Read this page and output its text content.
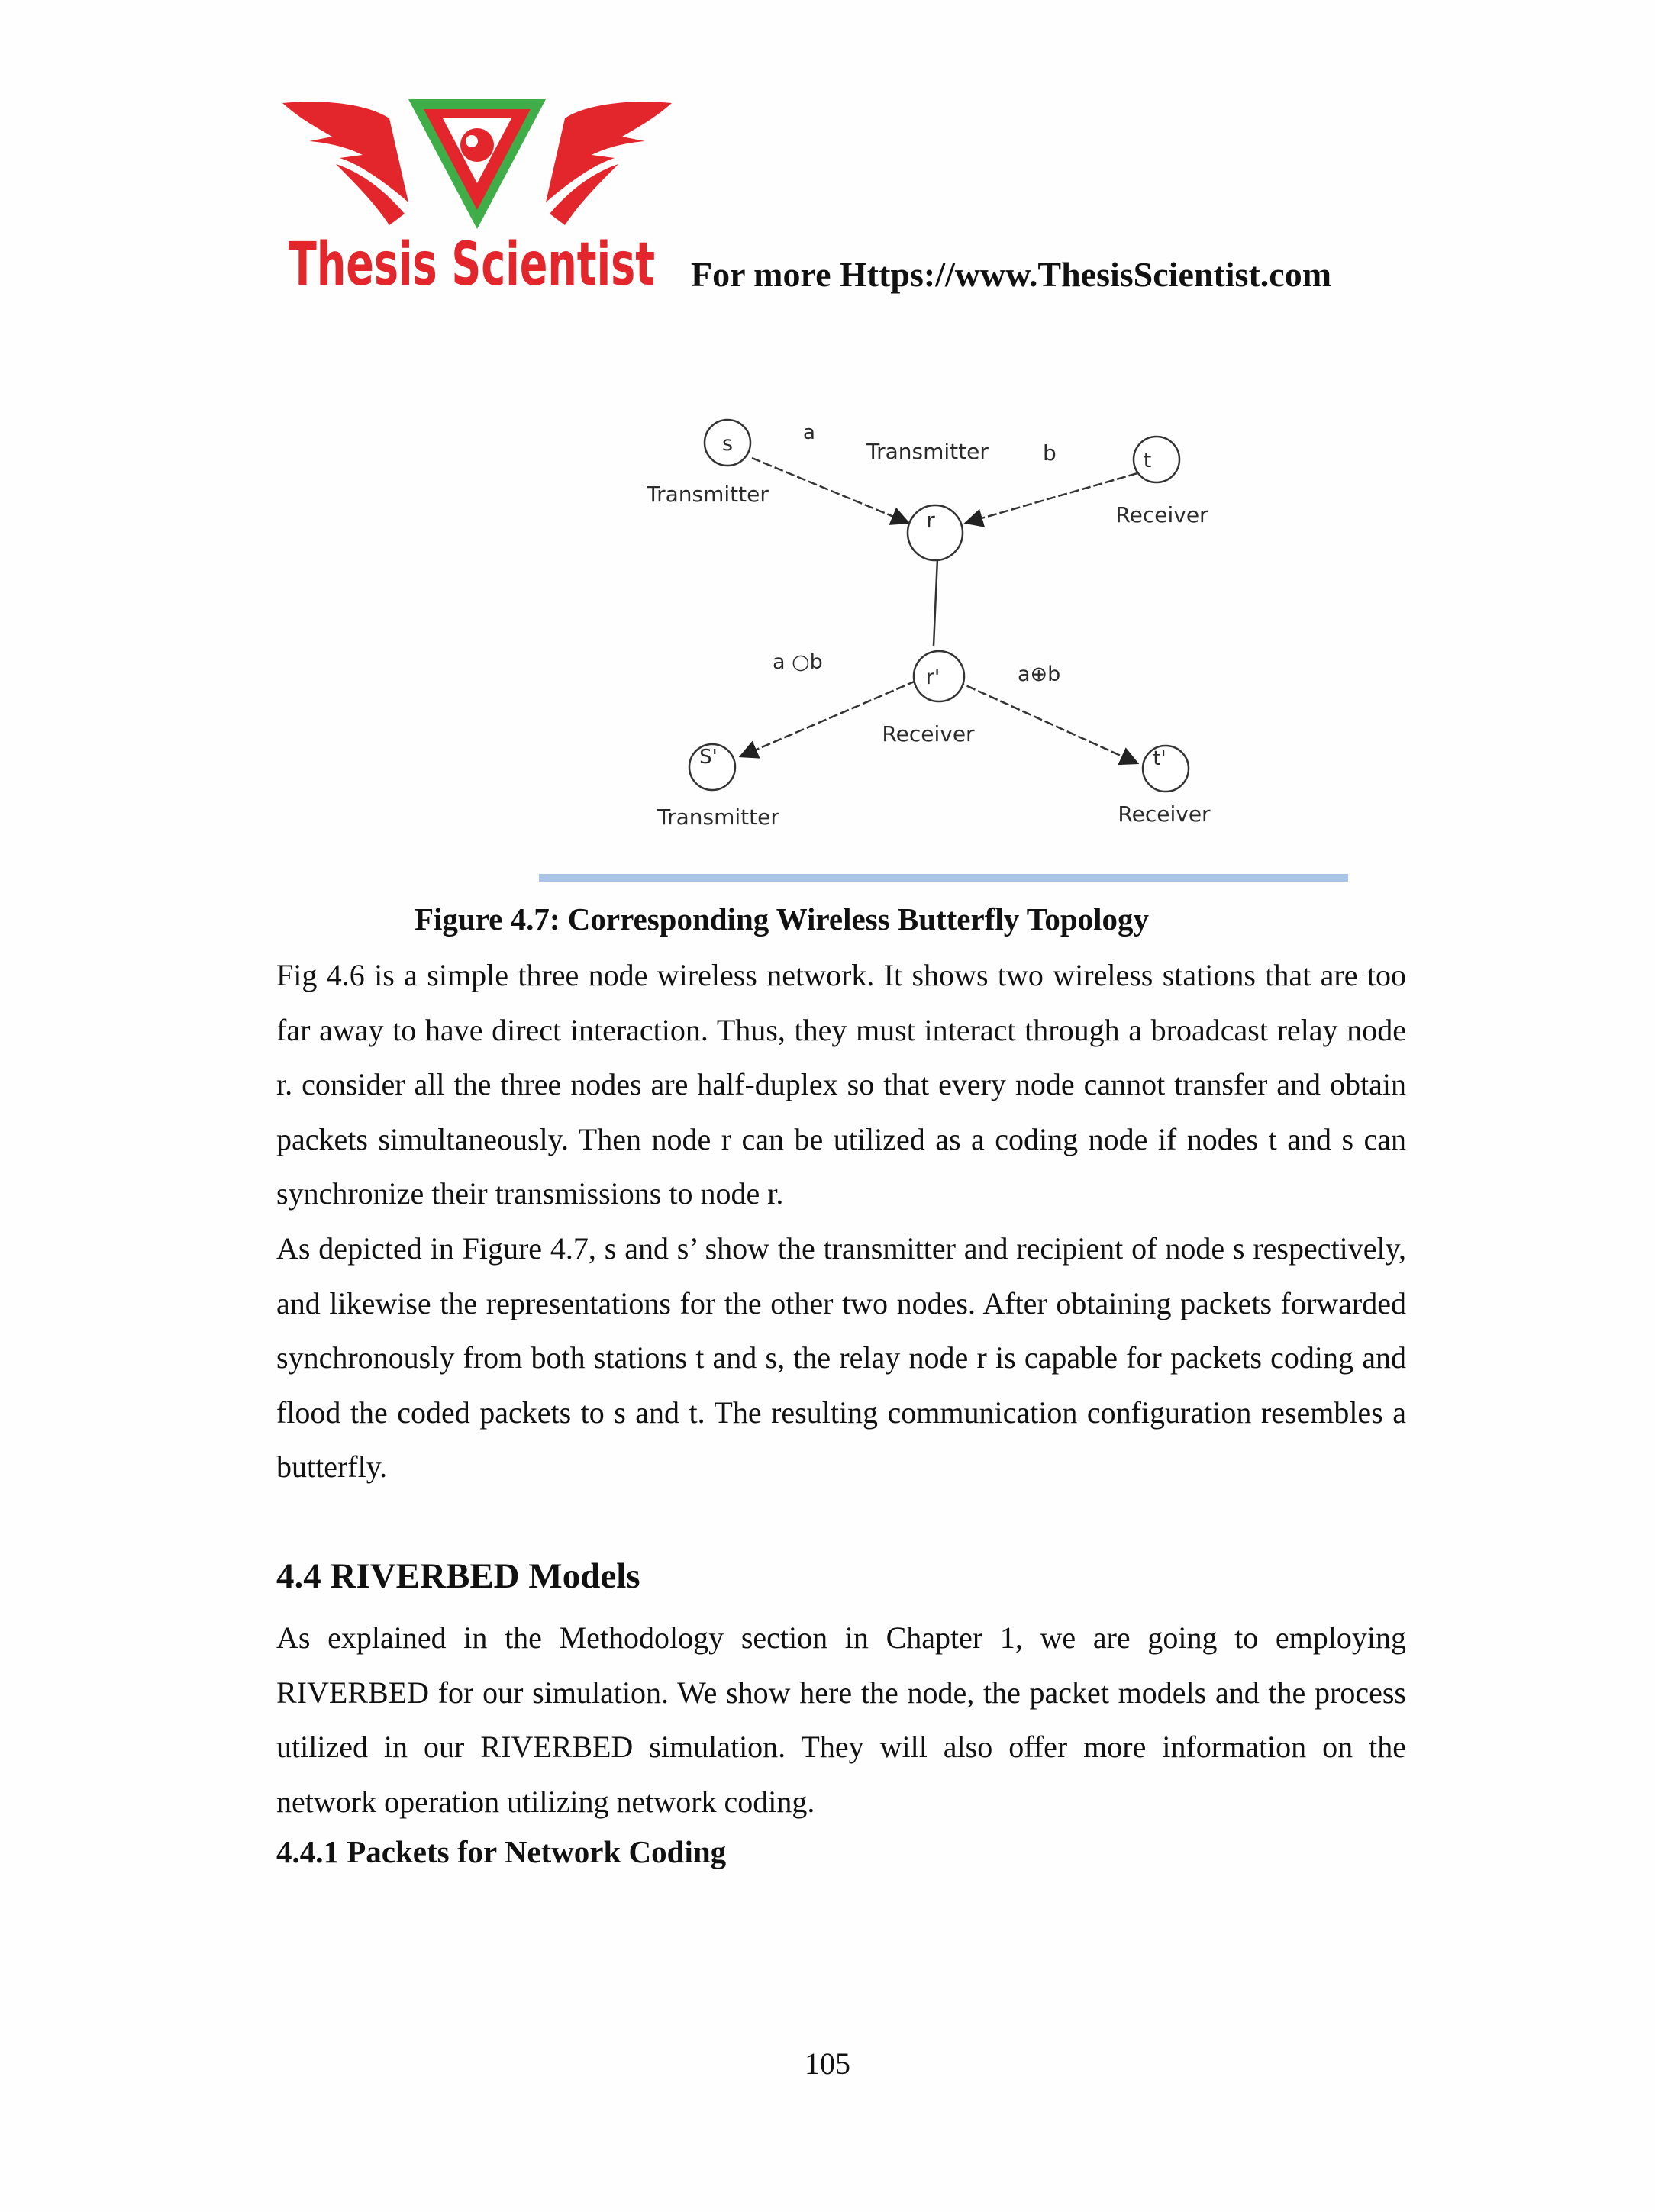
Thesis Scientist For more Https://www.ThesisScientist.com
s
Transmitter
t
Receiver
r
Transmitter
r'
Receiver
S'
Transmitter
t'
Receiver
a
b
a ○b
a⊕b
Figure 4.7: Corresponding Wireless Butterfly Topology

Fig 4.6 is a simple three node wireless network. It shows two wireless stations that are too far away to have direct interaction. Thus, they must interact through a broadcast relay node r. consider all the three nodes are half-duplex so that every node cannot transfer and obtain packets simultaneously. Then node r can be utilized as a coding node if nodes t and s can synchronize their transmissions to node r.

As depicted in Figure 4.7, s and s’ show the transmitter and recipient of node s respectively, and likewise the representations for the other two nodes. After obtaining packets forwarded synchronously from both stations t and s, the relay node r is capable for packets coding and flood the coded packets to s and t. The resulting communication configuration resembles a butterfly.

4.4 RIVERBED Models

As explained in the Methodology section in Chapter 1, we are going to employing RIVERBED for our simulation. We show here the node, the packet models and the process utilized in our RIVERBED simulation. They will also offer more information on the network operation utilizing network coding.

4.4.1 Packets for Network Coding
105
